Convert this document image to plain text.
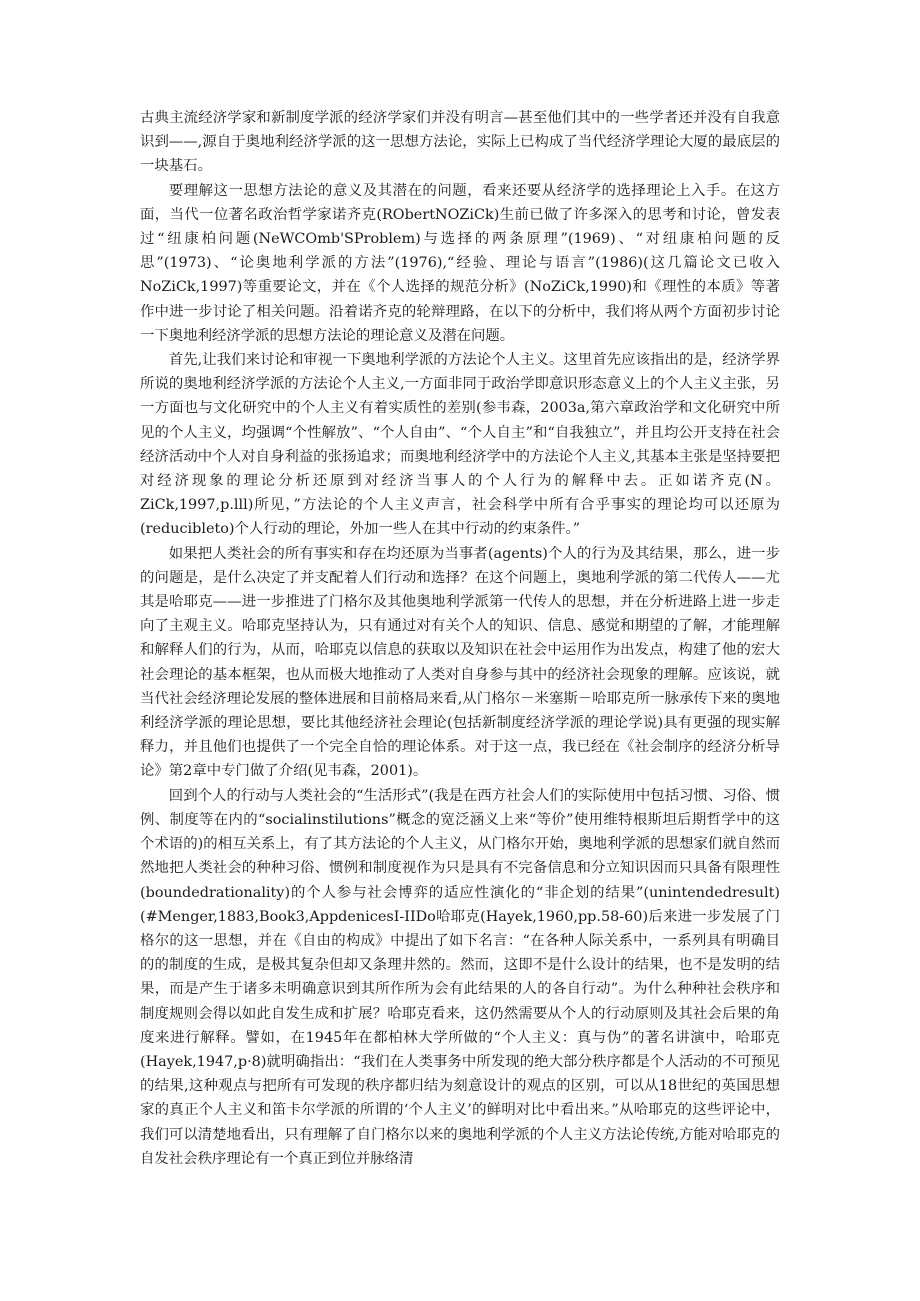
古典主流经济学家和新制度学派的经济学家们并没有明言—甚至他们其中的一些学者还并没有自我意识到——,源自于奥地利经济学派的这一思想方法论，实际上已构成了当代经济学理论大厦的最底层的一块基石。

要理解这一思想方法论的意义及其潜在的问题，看来还要从经济学的选择理论上入手。在这方面，当代一位著名政治哲学家诺齐克(RObertNOZiCk)生前已做了许多深入的思考和讨论，曾发表过“纽康柏问题(NeWCOmb'SProblem)与选择的两条原理”(1969)、“对纽康柏问题的反思”(1973)、“论奥地利学派的方法”(1976),“经验、理论与语言”(1986)(这几篇论文已收入NoZiCk,1997)等重要论文，并在《个人选择的规范分析》(NoZiCk,1990)和《理性的本质》等著作中进一步讨论了相关问题。沿着诺齐克的轮辩理路，在以下的分析中，我们将从两个方面初步讨论一下奥地利经济学派的思想方法论的理论意义及潜在问题。

首先,让我们来讨论和审视一下奥地利学派的方法论个人主义。这里首先应该指出的是，经济学界所说的奥地利经济学派的方法论个人主义,一方面非同于政治学即意识形态意义上的个人主义主张，另一方面也与文化研究中的个人主义有着实质性的差别(参韦森，2003a,第六章政治学和文化研究中所见的个人主义，均强调“个性解放”、“个人自由”、“个人自主”和“自我独立”，并且均公开支持在社会经济活动中个人对自身利益的张扬追求；而奥地利经济学中的方法论个人主义,其基本主张是坚持要把对经济现象的理论分析还原到对经济当事人的个人行为的解释中去。正如诺齐克(N。ZiCk,1997,p.lll)所见，”方法论的个人主义声言，社会科学中所有合乎事实的理论均可以还原为(reducibleto)个人行动的理论，外加一些人在其中行动的约束条件。”

如果把人类社会的所有事实和存在均还原为当事者(agents)个人的行为及其结果，那么，进一步的问题是，是什么决定了并支配着人们行动和选择？在这个问题上，奥地利学派的第二代传人——尤其是哈耶克——进一步推进了门格尔及其他奥地利学派第一代传人的思想，并在分析进路上进一步走向了主观主义。哈耶克坚持认为，只有通过对有关个人的知识、信息、感觉和期望的了解，才能理解和解释人们的行为，从而，哈耶克以信息的获取以及知识在社会中运用作为出发点，构建了他的宏大社会理论的基本框架，也从而极大地推动了人类对自身参与其中的经济社会现象的理解。应该说，就当代社会经济理论发展的整体进展和目前格局来看,从门格尔－米塞斯－哈耶克所一脉承传下来的奥地利经济学派的理论思想，要比其他经济社会理论(包括新制度经济学派的理论学说)具有更强的现实解释力，并且他们也提供了一个完全自恰的理论体系。对于这一点，我已经在《社会制序的经济分析导论》第2章中专门做了介绍(见韦森，2001)。

回到个人的行动与人类社会的“生活形式”(我是在西方社会人们的实际使用中包括习惯、习俗、惯例、制度等在内的“socialinstilutions”概念的宽泛涵义上来“等价”使用维特根斯坦后期哲学中的这个术语的)的相互关系上，有了其方法论的个人主义，从门格尔开始，奥地利学派的思想家们就自然而然地把人类社会的种种习俗、惯例和制度视作为只是具有不完备信息和分立知识因而只具备有限理性(boundedrationality)的个人参与社会博弈的适应性演化的“非企划的结果”(unintendedresult)(#Menger,1883,Book3,AppdenicesI-IIDo哈耶克(Hayek,1960,pp.58-60)后来进一步发展了门格尔的这一思想，并在《自由的构成》中提出了如下名言：“在各种人际关系中，一系列具有明确目的的制度的生成，是极其复杂但却又条理井然的。然而，这即不是什么设计的结果，也不是发明的结果，而是产生于诸多未明确意识到其所作所为会有此结果的人的各自行动”。为什么种种社会秩序和制度规则会得以如此自发生成和扩展？哈耶克看来，这仍然需要从个人的行动原则及其社会后果的角度来进行解释。譬如，在1945年在都柏林大学所做的“个人主义：真与伪”的著名讲演中，哈耶克(Hayek,1947,p·8)就明确指出：“我们在人类事务中所发现的绝大部分秩序都是个人活动的不可预见的结果,这种观点与把所有可发现的秩序都归结为刻意设计的观点的区别，可以从18世纪的英国思想家的真正个人主义和笛卡尔学派的所谓的‘个人主义’的鲜明对比中看出来。”从哈耶克的这些评论中，我们可以清楚地看出，只有理解了自门格尔以来的奥地利学派的个人主义方法论传统,方能对哈耶克的自发社会秩序理论有一个真正到位并脉络清
